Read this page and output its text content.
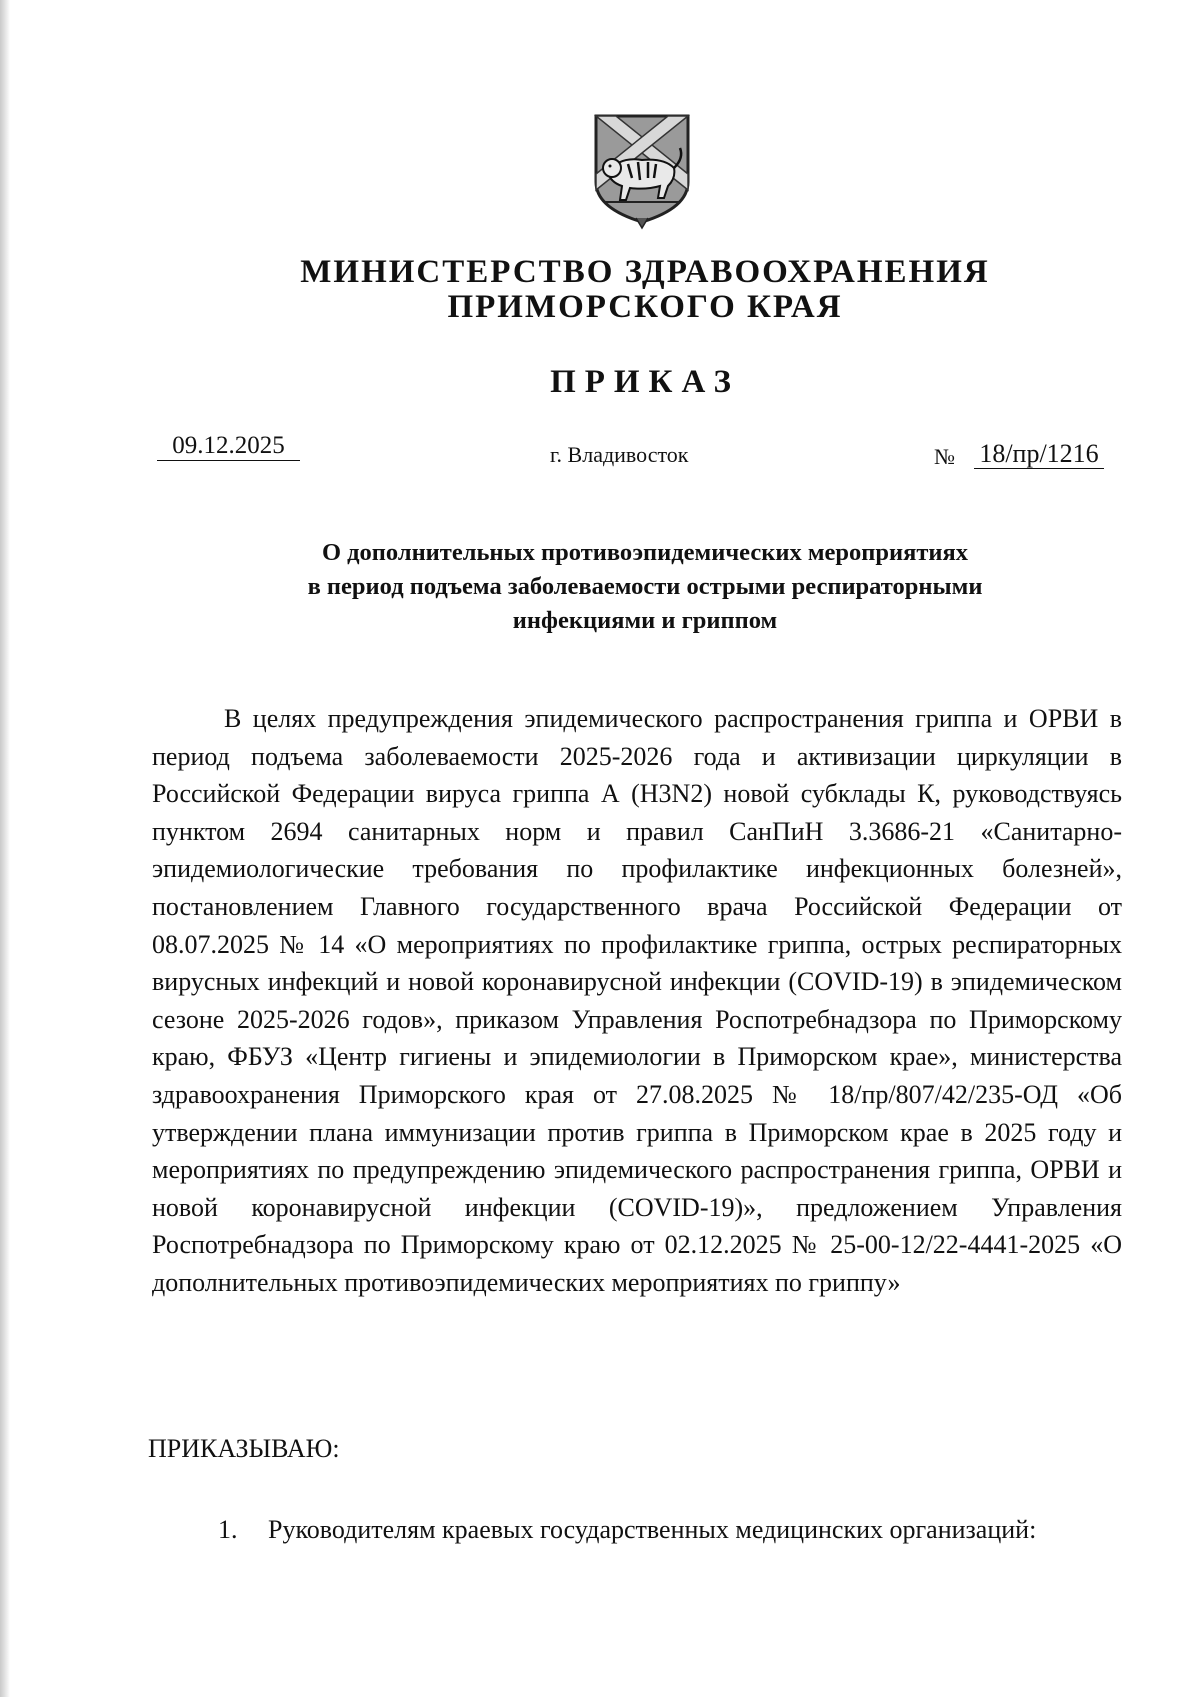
МИНИСТЕРСТВО ЗДРАВООХРАНЕНИЯ
ПРИМОРСКОГО КРАЯ
ПРИКАЗ
09.12.2025	г. Владивосток	№ 18/пр/1216
О дополнительных противоэпидемических мероприятиях
в период подъема заболеваемости острыми респираторными
инфекциями и гриппом
В целях предупреждения эпидемического распространения гриппа и ОРВИ в период подъема заболеваемости 2025-2026 года и активизации циркуляции в Российской Федерации вируса гриппа А (H3N2) новой субклады К, руководствуясь пунктом 2694 санитарных норм и правил СанПиН 3.3686-21 «Санитарно-эпидемиологические требования по профилактике инфекционных болезней», постановлением Главного государственного врача Российской Федерации от 08.07.2025 № 14 «О мероприятиях по профилактике гриппа, острых респираторных вирусных инфекций и новой коронавирусной инфекции (COVID-19) в эпидемическом сезоне 2025-2026 годов», приказом Управления Роспотребнадзора по Приморскому краю, ФБУЗ «Центр гигиены и эпидемиологии в Приморском крае», министерства здравоохранения Приморского края от 27.08.2025 № 18/пр/807/42/235-ОД «Об утверждении плана иммунизации против гриппа в Приморском крае в 2025 году и мероприятиях по предупреждению эпидемического распространения гриппа, ОРВИ и новой коронавирусной инфекции (COVID-19)», предложением Управления Роспотребнадзора по Приморскому краю от 02.12.2025 № 25-00-12/22-4441-2025 «О дополнительных противоэпидемических мероприятиях по гриппу»
ПРИКАЗЫВАЮ:
1. Руководителям краевых государственных медицинских организаций:
